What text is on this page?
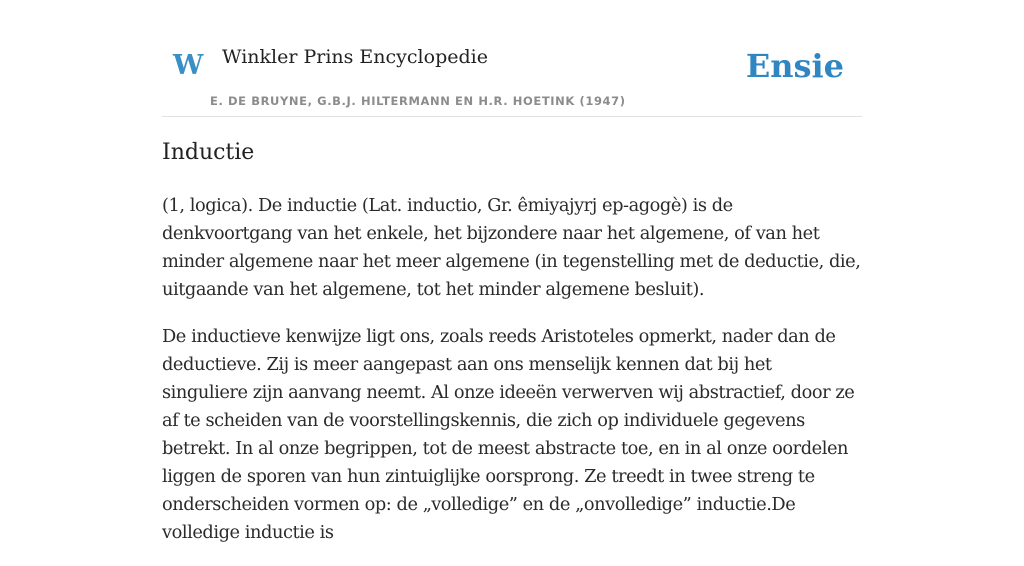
W Winkler Prins Encyclopedie
E. DE BRUYNE, G.B.J. HILTERMANN EN H.R. HOETINK (1947)
Ensie
Inductie

(1, logica). De inductie (Lat. inductio, Gr. êmiyajyrj ep-agogè) is de denkvoortgang van het enkele, het bijzondere naar het algemene, of van het minder algemene naar het meer algemene (in tegenstelling met de deductie, die, uitgaande van het algemene, tot het minder algemene besluit).

De inductieve kenwijze ligt ons, zoals reeds Aristoteles opmerkt, nader dan de deductieve. Zij is meer aangepast aan ons menselijk kennen dat bij het singuliere zijn aanvang neemt. Al onze ideeën verwerven wij abstractief, door ze af te scheiden van de voorstellingskennis, die zich op individuele gegevens betrekt. In al onze begrippen, tot de meest abstracte toe, en in al onze oordelen liggen de sporen van hun zintuiglijke oorsprong. Ze treedt in twee streng te onderscheiden vormen op: de „volledige” en de „onvolledige” inductie.De volledige inductie is
